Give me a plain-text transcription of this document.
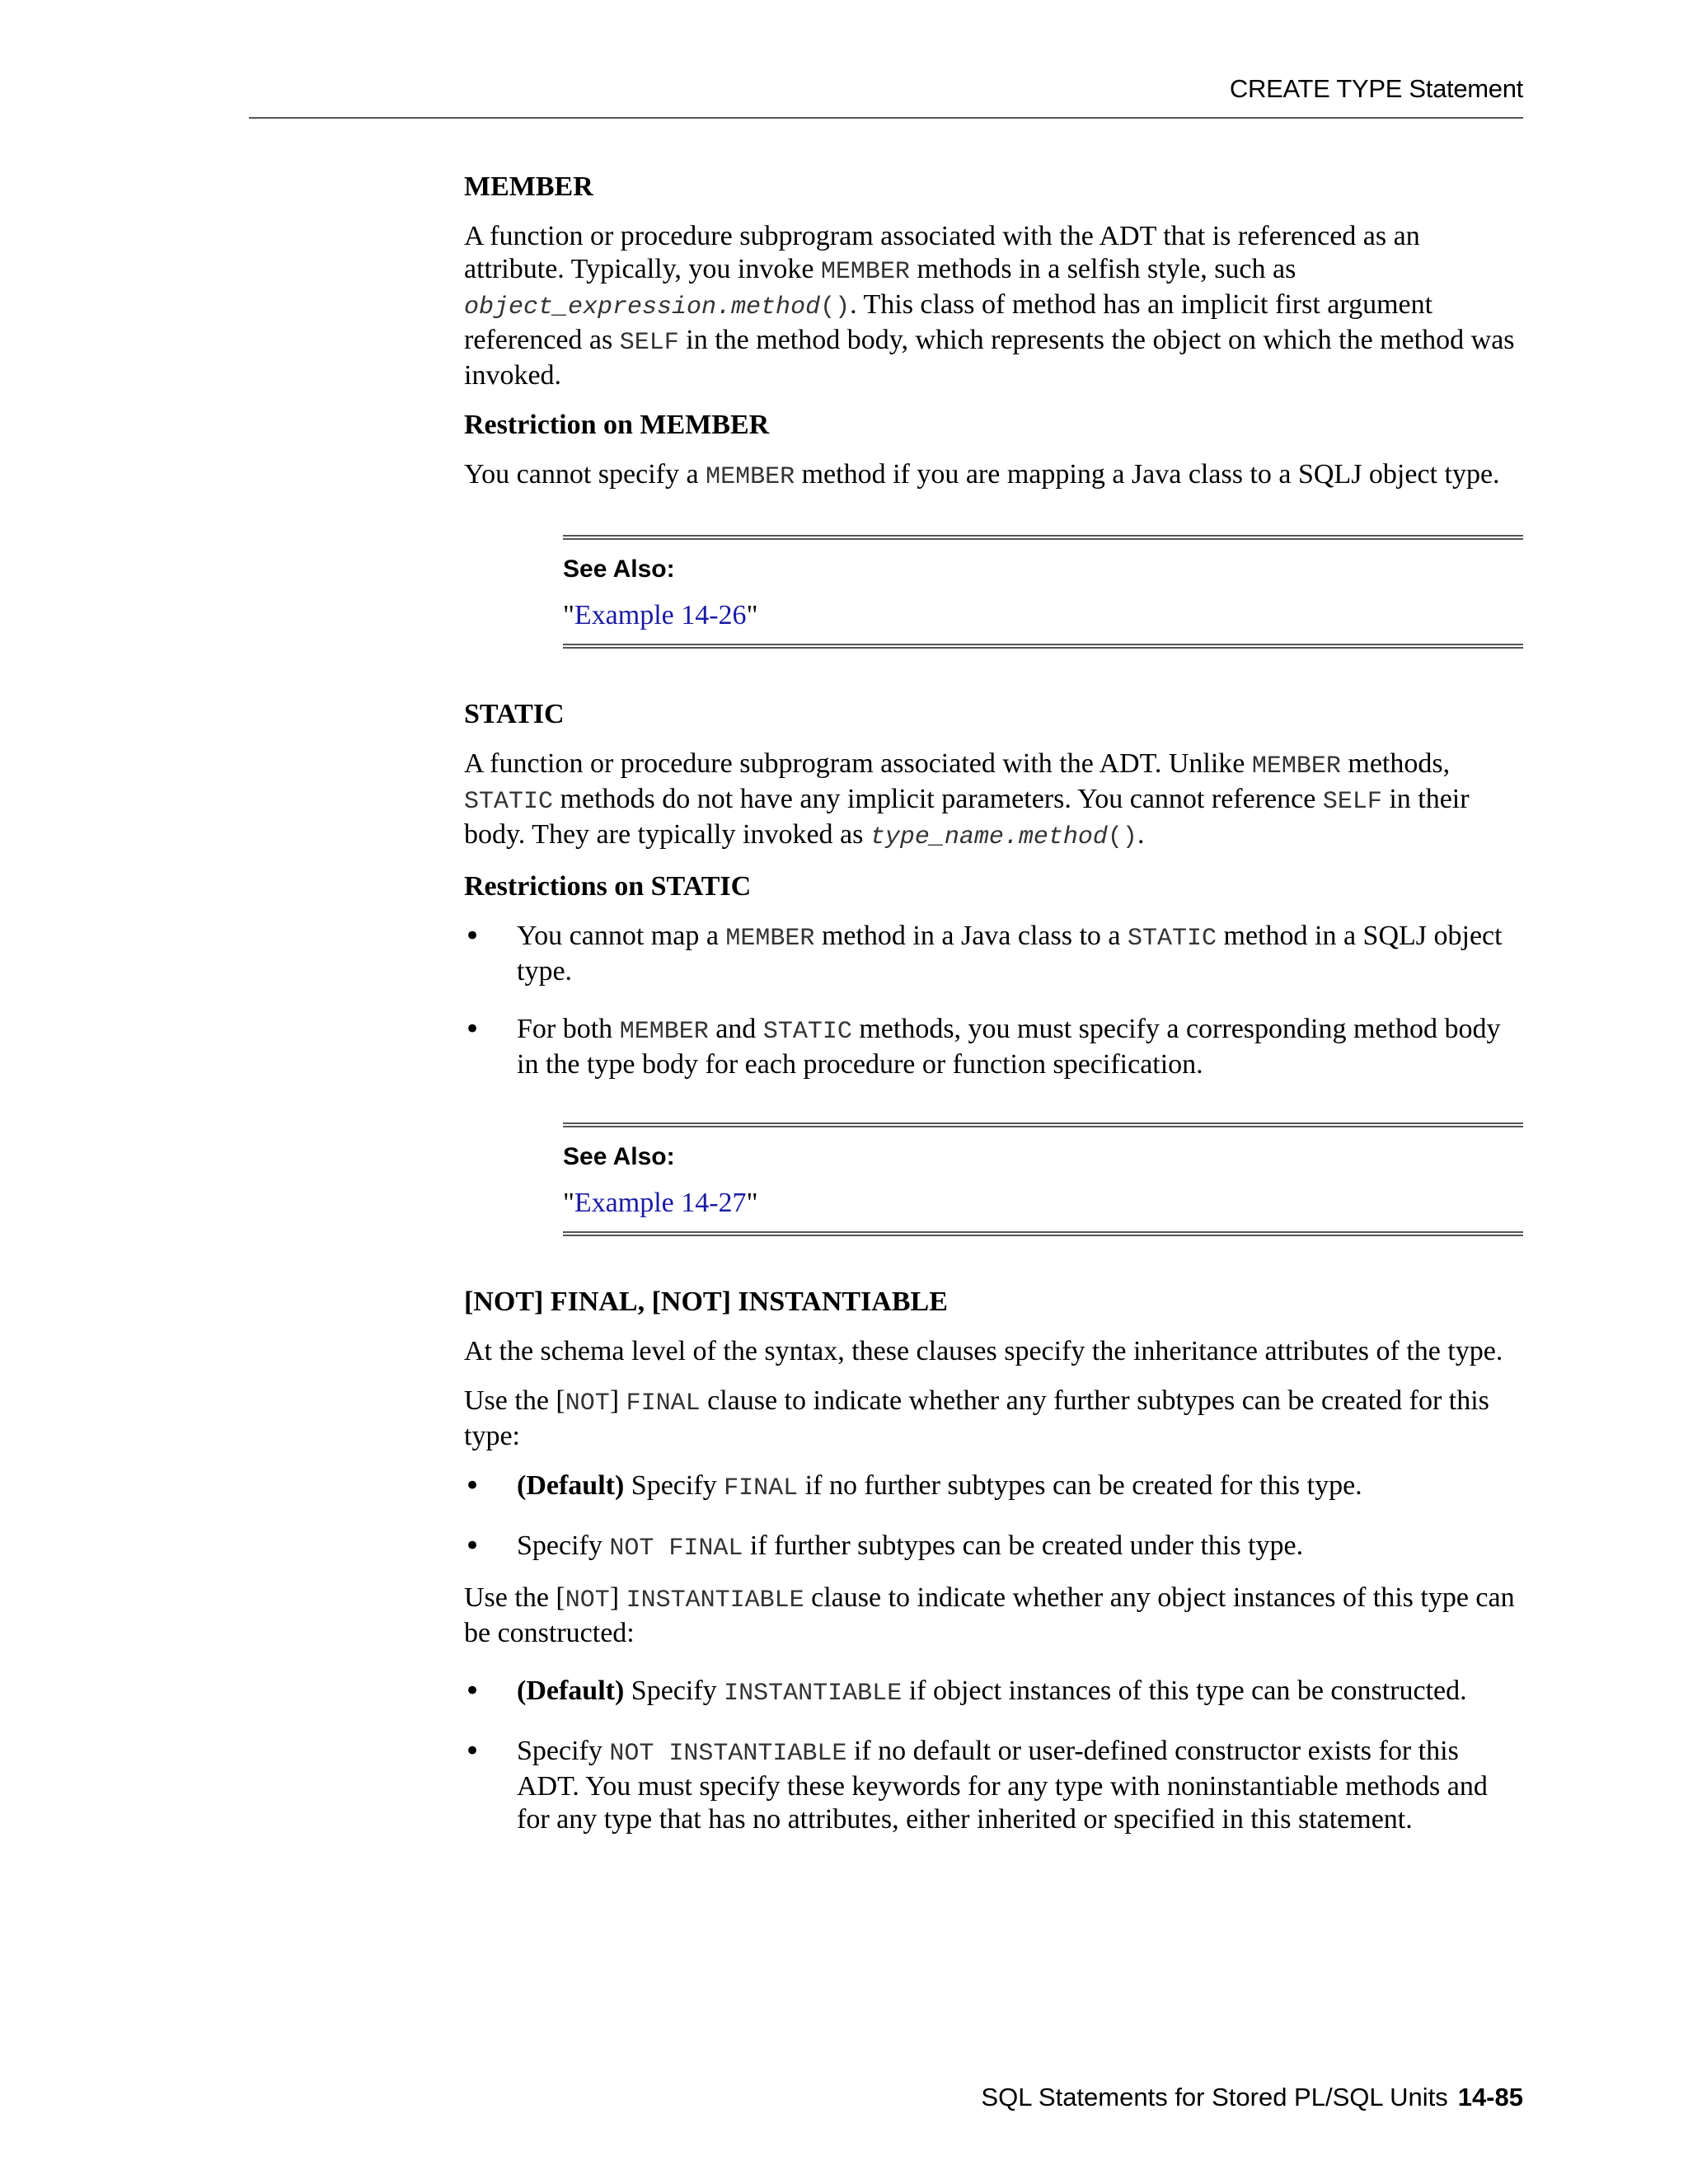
CREATE TYPE Statement
MEMBER

A function or procedure subprogram associated with the ADT that is referenced as an attribute. Typically, you invoke MEMBER methods in a selfish style, such as object_expression.method(). This class of method has an implicit first argument referenced as SELF in the method body, which represents the object on which the method was invoked.

Restriction on MEMBER

You cannot specify a MEMBER method if you are mapping a Java class to a SQLJ object type.

See Also:

"Example 14-26"

STATIC

A function or procedure subprogram associated with the ADT. Unlike MEMBER methods, STATIC methods do not have any implicit parameters. You cannot reference SELF in their body. They are typically invoked as type_name.method().

Restrictions on STATIC
• You cannot map a MEMBER method in a Java class to a STATIC method in a SQLJ object type.
• For both MEMBER and STATIC methods, you must specify a corresponding method body in the type body for each procedure or function specification.
See Also:

"Example 14-27"

[NOT] FINAL, [NOT] INSTANTIABLE

At the schema level of the syntax, these clauses specify the inheritance attributes of the type.

Use the [NOT] FINAL clause to indicate whether any further subtypes can be created for this type:

• (Default) Specify FINAL if no further subtypes can be created for this type.
• Specify NOT FINAL if further subtypes can be created under this type.

Use the [NOT] INSTANTIABLE clause to indicate whether any object instances of this type can be constructed:

• (Default) Specify INSTANTIABLE if object instances of this type can be constructed.
• Specify NOT INSTANTIABLE if no default or user-defined constructor exists for this ADT. You must specify these keywords for any type with noninstantiable methods and for any type that has no attributes, either inherited or specified in this statement.
SQL Statements for Stored PL/SQL Units 14-85
